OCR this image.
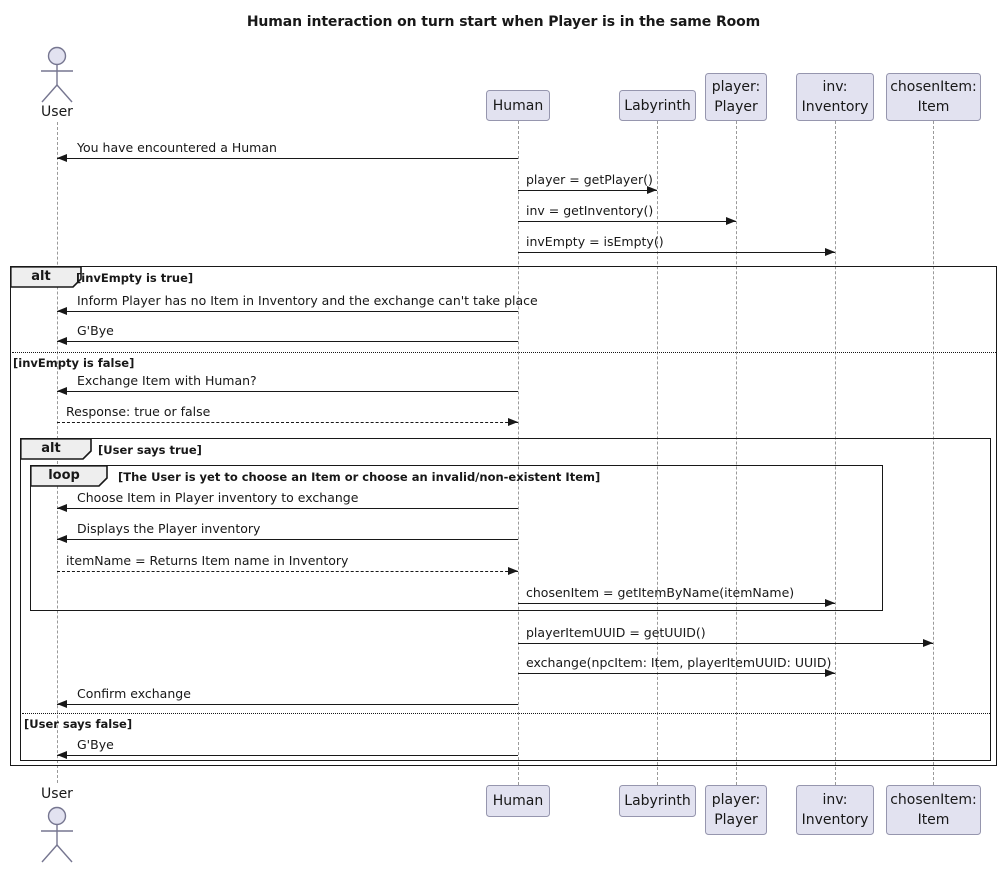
Human interaction on turn start when Player is in the same Room
alt	[invEmpty is true]
[invEmpty is false]
alt	[User says true]
[User says false]
loop	[The User is yet to choose an Item or choose an invalid/non-existent Item]
You have encountered a Human
player = getPlayer()
inv = getInventory()
invEmpty = isEmpty()
Inform Player has no Item in Inventory and the exchange can't take place
G'Bye
Exchange Item with Human?
Response: true or false
Choose Item in Player inventory to exchange
Displays the Player inventory
itemName = Returns Item name in Inventory
chosenItem = getItemByName(itemName)
playerItemUUID = getUUID()
exchange(npcItem: Item, playerItemUUID: UUID)
Confirm exchange
G'Bye
User	Human	Labyrinth
player:
Player
inv:
Inventory
chosenItem:
Item
User	Human	Labyrinth player:
Player
inv:
Inventory
chosenItem:
Item
